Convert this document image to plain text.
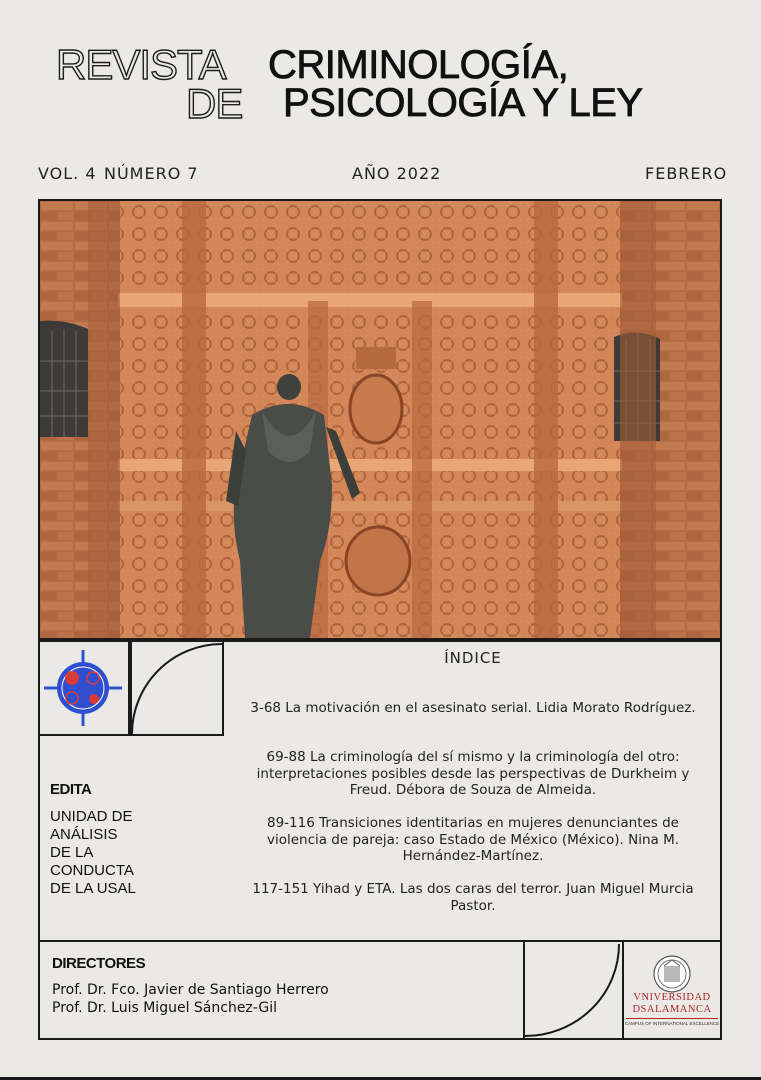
REVISTA
DE
CRIMINOLOGÍA,
PSICOLOGÍA Y LEY
VOL. 4 NÚMERO 7	AÑO 2022	FEBRERO
ÍNDICE
3-68 La motivación en el asesinato serial. Lidia Morato Rodríguez.
69-88 La criminología del sí mismo y la criminología del otro: interpretaciones posibles desde las perspectivas de Durkheim y Freud. Débora de Souza de Almeida.
89-116 Transiciones identitarias en mujeres denunciantes de violencia de pareja: caso Estado de México (México). Nina M. Hernández-Martínez.
117-151 Yihad y ETA. Las dos caras del terror. Juan Miguel Murcia Pastor.
EDITA
UNIDAD DE
ANÁLISIS
DE LA
CONDUCTA
DE LA USAL
DIRECTORES
Prof. Dr. Fco. Javier de Santiago Herrero
Prof. Dr. Luis Miguel Sánchez-Gil
VNIVERSIDAD
DSALAMANCA
CAMPUS OF INTERNATIONAL EXCELLENCE
